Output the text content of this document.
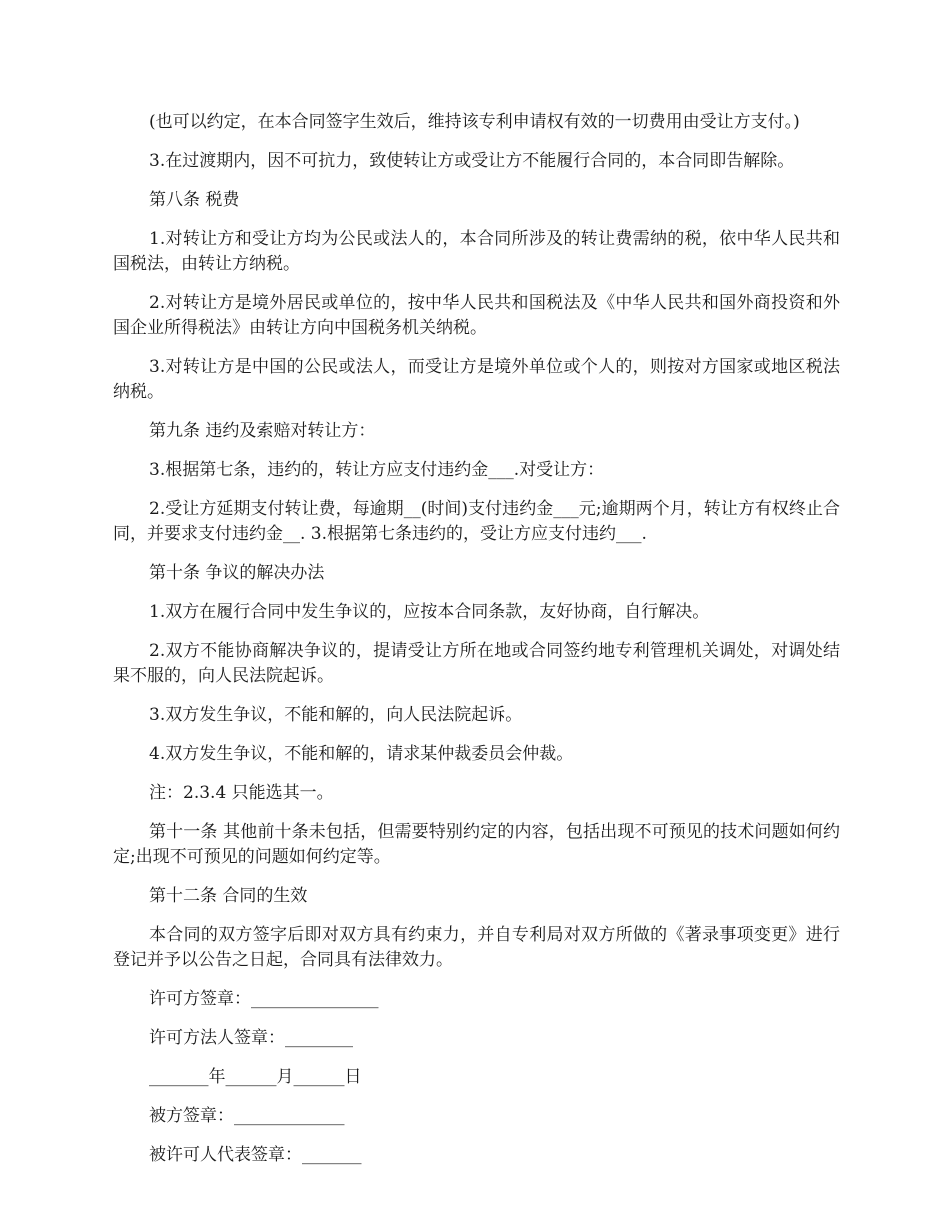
(也可以约定，在本合同签字生效后，维持该专利申请权有效的一切费用由受让方支付。)

3.在过渡期内，因不可抗力，致使转让方或受让方不能履行合同的，本合同即告解除。

第八条 税费

1.对转让方和受让方均为公民或法人的，本合同所涉及的转让费需纳的税，依中华人民共和国税法，由转让方纳税。

2.对转让方是境外居民或单位的，按中华人民共和国税法及《中华人民共和国外商投资和外国企业所得税法》由转让方向中国税务机关纳税。

3.对转让方是中国的公民或法人，而受让方是境外单位或个人的，则按对方国家或地区税法纳税。

第九条 违约及索赔对转让方：

3.根据第七条，违约的，转让方应支付违约金___.对受让方：

2.受让方延期支付转让费，每逾期__(时间)支付违约金___元;逾期两个月，转让方有权终止合同，并要求支付违约金__. 3.根据第七条违约的，受让方应支付违约___.

第十条 争议的解决办法

1.双方在履行合同中发生争议的，应按本合同条款，友好协商，自行解决。

2.双方不能协商解决争议的，提请受让方所在地或合同签约地专利管理机关调处，对调处结果不服的，向人民法院起诉。

3.双方发生争议，不能和解的，向人民法院起诉。

4.双方发生争议，不能和解的，请求某仲裁委员会仲裁。

注：2.3.4 只能选其一。

第十一条 其他前十条未包括，但需要特别约定的内容，包括出现不可预见的技术问题如何约定;出现不可预见的问题如何约定等。

第十二条 合同的生效

本合同的双方签字后即对双方具有约束力，并自专利局对双方所做的《著录事项变更》进行登记并予以公告之日起，合同具有法律效力。

许可方签章：_______________

许可方法人签章：________

_______年______月______日

被方签章：_____________

被许可人代表签章：_______
